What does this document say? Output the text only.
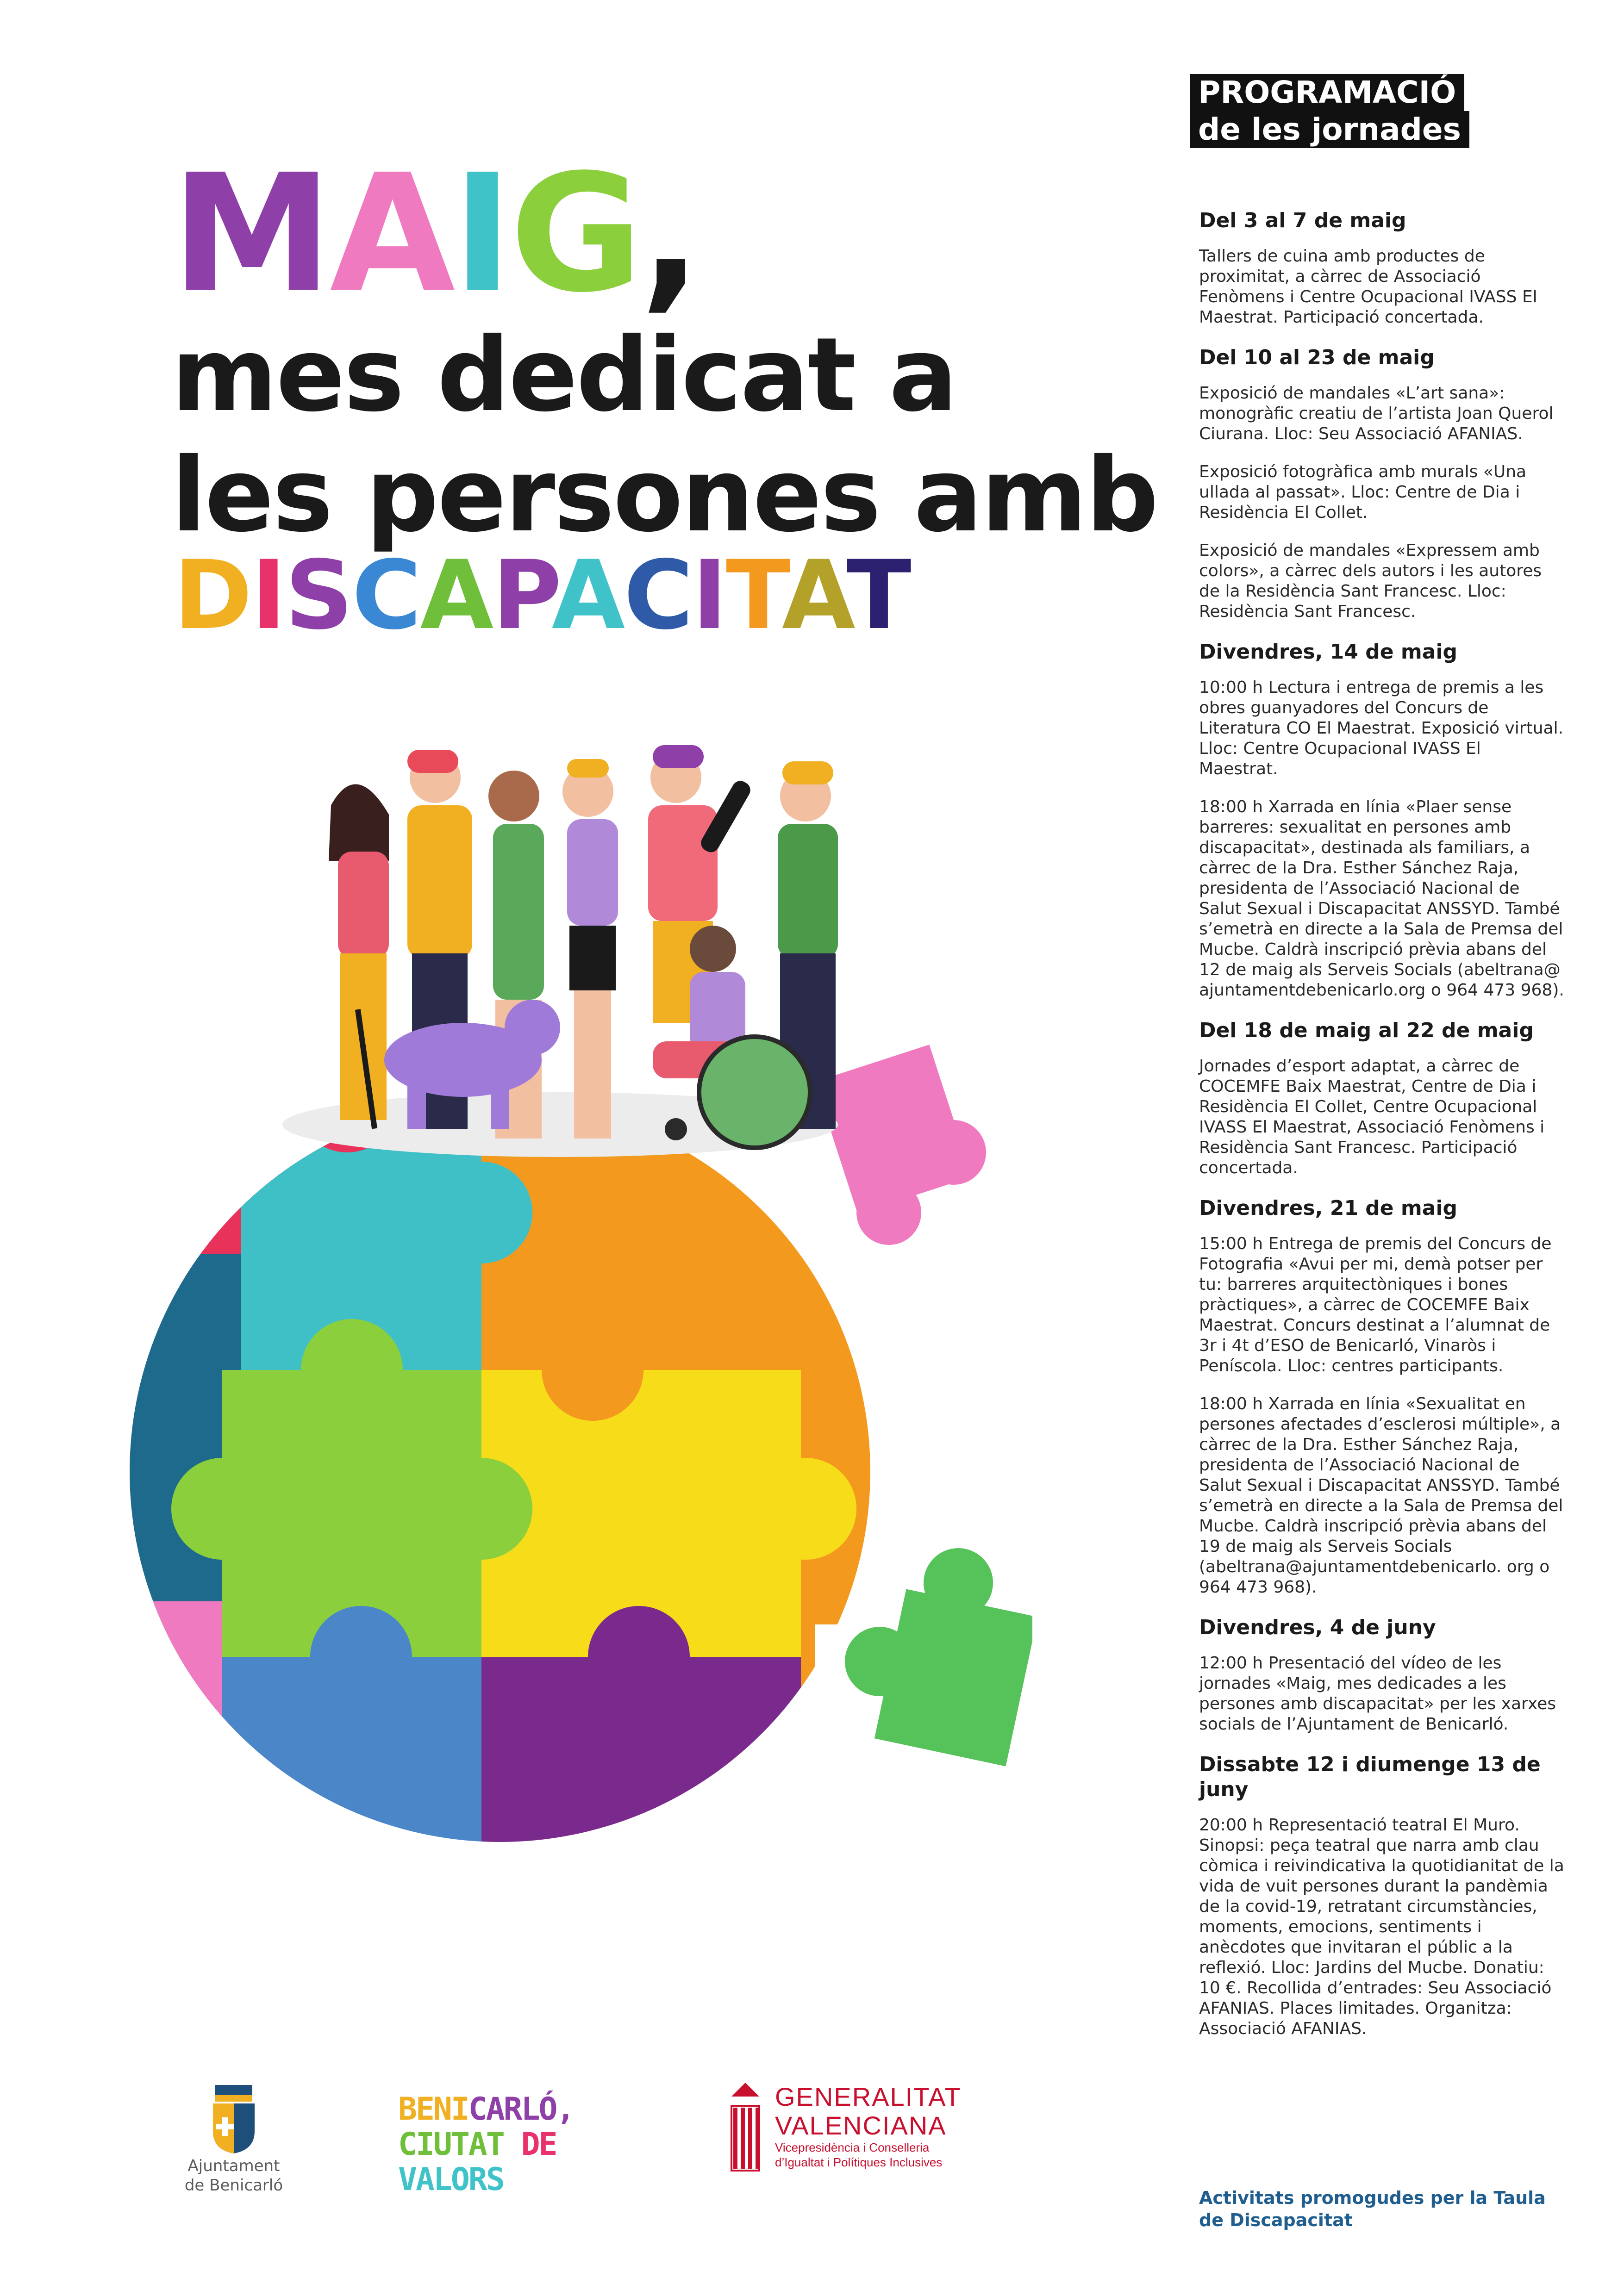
MAIG,
mes dedicat a
les persones amb
DISCAPACITAT
PROGRAMACIÓ
de les jornades
Del 3 al 7 de maig
Tallers de cuina amb productes de proximitat, a càrrec de Associació Fenòmens i Centre Ocupacional IVASS El Maestrat. Participació concertada.
Del 10 al 23 de maig
Exposició de mandales «L’art sana»: monogràfic creatiu de l’artista Joan Querol Ciurana. Lloc: Seu Associació AFANIAS.
Exposició fotogràfica amb murals «Una ullada al passat». Lloc: Centre de Dia i Residència El Collet.
Exposició de mandales «Expressem amb colors», a càrrec dels autors i les autores de la Residència Sant Francesc. Lloc: Residència Sant Francesc.
Divendres, 14 de maig
10:00 h Lectura i entrega de premis a les obres guanyadores del Concurs de Literatura CO El Maestrat. Exposició virtual. Lloc: Centre Ocupacional IVASS El Maestrat.
18:00 h Xarrada en línia «Plaer sense barreres: sexualitat en persones amb discapacitat», destinada als familiars, a càrrec de la Dra. Esther Sánchez Raja, presidenta de l’Associació Nacional de Salut Sexual i Discapacitat ANSSYD. També s’emetrà en directe a la Sala de Premsa del Mucbe. Caldrà inscripció prèvia abans del 12 de maig als Serveis Socials (abeltrana@ ajuntamentdebenicarlo.org o 964 473 968).
Del 18 de maig al 22 de maig
Jornades d’esport adaptat, a càrrec de COCEMFE Baix Maestrat, Centre de Dia i Residència El Collet, Centre Ocupacional IVASS El Maestrat, Associació Fenòmens i Residència Sant Francesc. Participació concertada.
Divendres, 21 de maig
15:00 h Entrega de premis del Concurs de Fotografia «Avui per mi, demà potser per tu: barreres arquitectòniques i bones pràctiques», a càrrec de COCEMFE Baix Maestrat. Concurs destinat a l’alumnat de 3r i 4t d’ESO de Benicarló, Vinaròs i Peníscola. Lloc: centres participants.
18:00 h Xarrada en línia «Sexualitat en persones afectades d’esclerosi múltiple», a càrrec de la Dra. Esther Sánchez Raja, presidenta de l’Associació Nacional de Salut Sexual i Discapacitat ANSSYD. També s’emetrà en directe a la Sala de Premsa del Mucbe. Caldrà inscripció prèvia abans del 19 de maig als Serveis Socials (abeltrana@ajuntamentdebenicarlo. org o 964 473 968).
Divendres, 4 de juny
12:00 h Presentació del vídeo de les jornades «Maig, mes dedicades a les persones amb discapacitat» per les xarxes socials de l’Ajuntament de Benicarló.
Dissabte 12 i diumenge 13 de juny
20:00 h Representació teatral El Muro. Sinopsi: peça teatral que narra amb clau còmica i reivindicativa la quotidianitat de la vida de vuit persones durant la pandèmia de la covid-19, retratant circumstàncies, moments, emocions, sentiments i anècdotes que invitaran el públic a la reflexió. Lloc: Jardins del Mucbe. Donatiu: 10 €. Recollida d’entrades: Seu Associació AFANIAS. Places limitades. Organitza: Associació AFANIAS.
Activitats promogudes per la Taula de Discapacitat
Ajuntament
de Benicarló
BENICARLÓ,
CIUTAT DE
VALORS
GENERALITAT
VALENCIANA
Vicepresidència i Conselleria
d’Igualtat i Polítiques Inclusives
